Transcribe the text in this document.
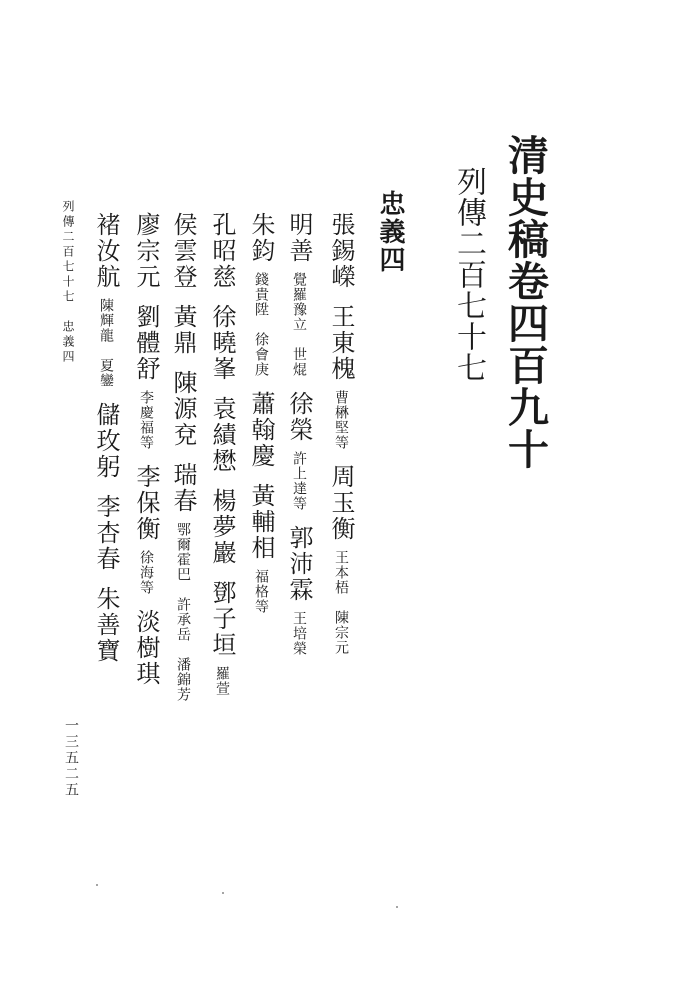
清史稿卷四百九十
列傳二百七十七
忠義四
張錫嶸王東槐曹楙堅等周玉衡王本梧　陳宗元
明善覺羅豫立　世焜徐榮許上達等郭沛霖王培榮
朱鈞錢貴陞　徐會庚蕭翰慶黃輔相福格等
孔昭慈徐曉峯袁績懋楊夢巖鄧子垣羅萱
侯雲登黃鼎陳源兗瑞春鄂爾霍巴　許承岳　潘錦芳
廖宗元劉體舒李慶福等李保衡徐海等淡樹琪
褚汝航陳輝龍　夏鑾儲玫躬李杏春朱善寶
列傳二百七十七　忠義四
一三五二五
